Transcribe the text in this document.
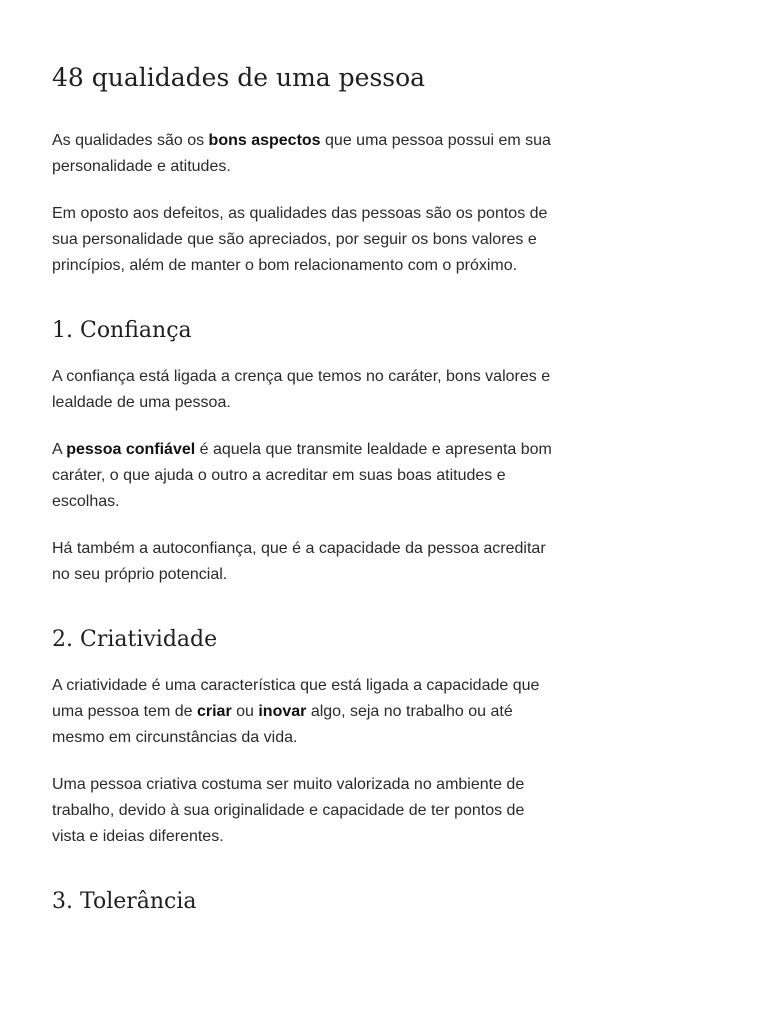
48 qualidades de uma pessoa

As qualidades são os bons aspectos que uma pessoa possui em sua personalidade e atitudes.

Em oposto aos defeitos, as qualidades das pessoas são os pontos de sua personalidade que são apreciados, por seguir os bons valores e princípios, além de manter o bom relacionamento com o próximo.

1. Confiança

A confiança está ligada a crença que temos no caráter, bons valores e lealdade de uma pessoa.

A pessoa confiável é aquela que transmite lealdade e apresenta bom caráter, o que ajuda o outro a acreditar em suas boas atitudes e escolhas.

Há também a autoconfiança, que é a capacidade da pessoa acreditar no seu próprio potencial.

2. Criatividade

A criatividade é uma característica que está ligada a capacidade que uma pessoa tem de criar ou inovar algo, seja no trabalho ou até mesmo em circunstâncias da vida.

Uma pessoa criativa costuma ser muito valorizada no ambiente de trabalho, devido à sua originalidade e capacidade de ter pontos de vista e ideias diferentes.

3. Tolerância
